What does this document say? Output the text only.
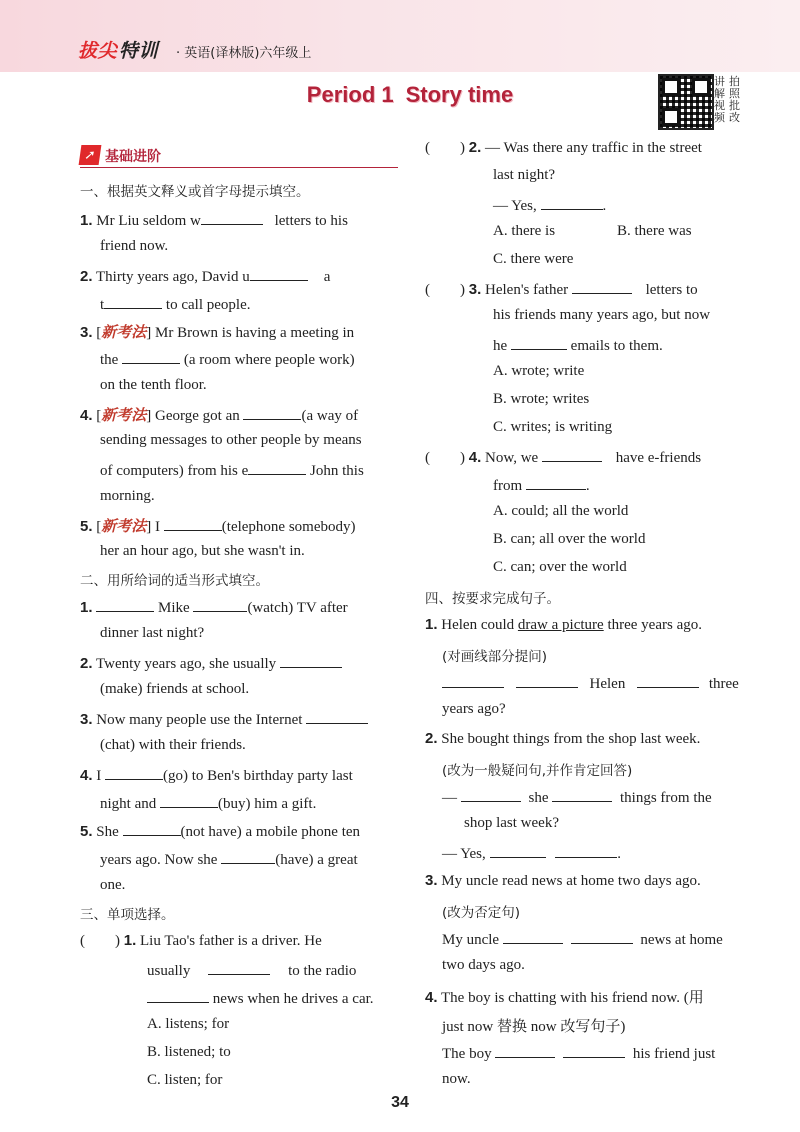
拔尖 特训 · 英语(译林版)六年级上
Period 1 Story time
讲 拍
解 照
视 批
频 改
➚ 基础进阶
一、根据英文释义或首字母提示填空。
1. Mr Liu seldom w	letters to his
friend now.
2. Thirty years ago, David u	a
t	to call people.
3. [新考法] Mr Brown is having a meeting in
the	(a room where people work)
on the tenth floor.
4. [新考法] George got an	(a way of
sending messages to other people by means
of computers) from his e	John this
morning.
5. [新考法] I	(telephone somebody)
her an hour ago, but she wasn't in.
二、用所给词的适当形式填空。
1.	Mike	(watch) TV after
dinner last night?
2. Twenty years ago, she usually
(make) friends at school.
3. Now many people use the Internet
(chat) with their friends.
4. I	(go) to Ben's birthday party last
night and	(buy) him a gift.
5. She	(not have) a mobile phone ten
years ago. Now she	(have) a great
one.
三、单项选择。
( ) 1. Liu Tao's father is a driver. He
usually	to the radio
news when he drives a car.
A. listens; for
B. listened; to
C. listen; for
( ) 2. — Was there any traffic in the street
last night?
— Yes,	.
A. there is	B. there was
C. there were
( ) 3. Helen's father	letters to
his friends many years ago, but now
he	emails to them.
A. wrote; write
B. wrote; writes
C. writes; is writing
( ) 4. Now, we	have e-friends
from	.
A. could; all the world
B. can; all over the world
C. can; over the world
四、按要求完成句子。
1. Helen could draw a picture three years ago.
(对画线部分提问)
Helen	three
years ago?
2. She bought things from the shop last week.
(改为一般疑问句,并作肯定回答)
—	she	things from the
shop last week?
— Yes,	.
3. My uncle read news at home two days ago.
(改为否定句)
My uncle	news at home
two days ago.
4. The boy is chatting with his friend now. (用
just now 替换 now 改写句子)
The boy	his friend just
now.
34
